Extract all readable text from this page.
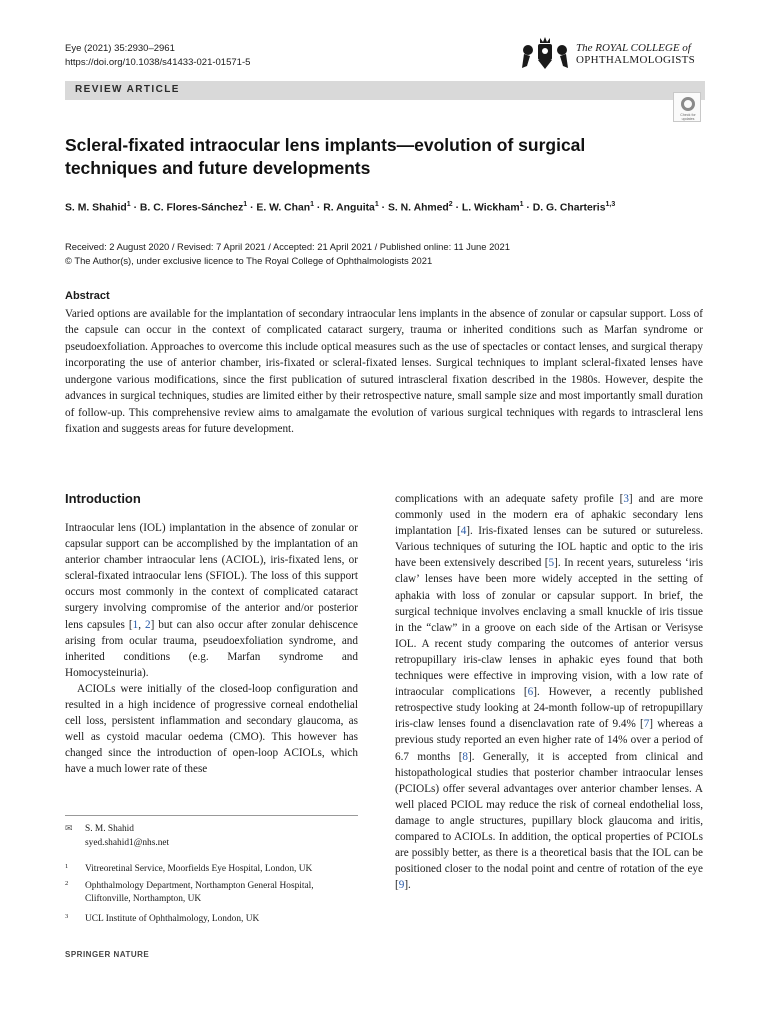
Eye (2021) 35:2930–2961
https://doi.org/10.1038/s41433-021-01571-5
The ROYAL COLLEGE of
OPHTHALMOLOGISTS
REVIEW ARTICLE
Check for updates
Scleral-fixated intraocular lens implants—evolution of surgical techniques and future developments
S. M. Shahid$^1$ · B. C. Flores-Sánchez$^1$ · E. W. Chan$^1$ · R. Anguita$^1$ · S. N. Ahmed$^2$ · L. Wickham$^1$ · D. G. Charteris$^{1,3}$
Received: 2 August 2020 / Revised: 7 April 2021 / Accepted: 21 April 2021 / Published online: 11 June 2021
© The Author(s), under exclusive licence to The Royal College of Ophthalmologists 2021
Abstract
Varied options are available for the implantation of secondary intraocular lens implants in the absence of zonular or capsular support. Loss of the capsule can occur in the context of complicated cataract surgery, trauma or inherited conditions such as Marfan syndrome or pseudoexfoliation. Approaches to overcome this include optical measures such as the use of spectacles or contact lenses, and surgical therapy incorporating the use of anterior chamber, iris-fixated or scleral-fixated lenses. Surgical techniques to implant scleral-fixated lenses have undergone various modifications, since the first publication of sutured intrascleral fixation described in the 1980s. However, despite the advances in surgical techniques, studies are limited either by their retrospective nature, small sample size and most importantly small duration of follow-up. This comprehensive review aims to amalgamate the evolution of various surgical techniques with regards to intrascleral lens fixation and suggests areas for future development.
Introduction

Intraocular lens (IOL) implantation in the absence of zonular or capsular support can be accomplished by the implantation of an anterior chamber intraocular lens (ACIOL), iris-fixated lens, or scleral-fixated intraocular lens (SFIOL). The loss of this support occurs most commonly in the context of complicated cataract surgery involving compromise of the anterior and/or posterior lens capsules [1, 2] but can also occur after zonular dehiscence arising from ocular trauma, pseudoexfoliation syndrome, and inherited conditions (e.g. Marfan syndrome and Homocysteinuria).

ACIOLs were initially of the closed-loop configuration and resulted in a high incidence of progressive corneal endothelial cell loss, persistent inflammation and secondary glaucoma, as well as cystoid macular oedema (CMO). This however has changed since the introduction of open-loop ACIOLs, which have a much lower rate of these

complications with an adequate safety profile [3] and are more commonly used in the modern era of aphakic secondary lens implantation [4]. Iris-fixated lenses can be sutured or sutureless. Various techniques of suturing the IOL haptic and optic to the iris have been extensively described [5]. In recent years, sutureless ‘iris claw’ lenses have been more widely accepted in the setting of aphakia with loss of zonular or capsular support. In brief, the surgical technique involves enclaving a small knuckle of iris tissue in the “claw” in a groove on each side of the Artisan or Verisyse IOL. A recent study comparing the outcomes of anterior versus retropupillary iris-claw lenses in aphakic eyes found that both techniques were effective in improving vision, with a low rate of intraocular complications [6]. However, a recently published retrospective study looking at 24-month follow-up of retropupillary iris-claw lenses found a disenclavation rate of 9.4% [7] whereas a previous study reported an even higher rate of 14% over a period of 6.7 months [8]. Generally, it is accepted from clinical and histopathological studies that posterior chamber intraocular lenses (PCIOLs) offer several advantages over anterior chamber lenses. A well placed PCIOL may reduce the risk of corneal endothelial loss, damage to angle structures, pupillary block glaucoma and iritis, compared to ACIOLs. In addition, the optical properties of PCIOLs are possibly better, as there is a theoretical basis that the IOL can be positioned closer to the nodal point and centre of rotation of the eye [9].

✉ S. M. Shahid
syed.shahid1@nhs.net
1 Vitreoretinal Service, Moorfields Eye Hospital, London, UK
2 Ophthalmology Department, Northampton General Hospital,
Cliftonville, Northampton, UK
3 UCL Institute of Ophthalmology, London, UK
SPRINGER NATURE
